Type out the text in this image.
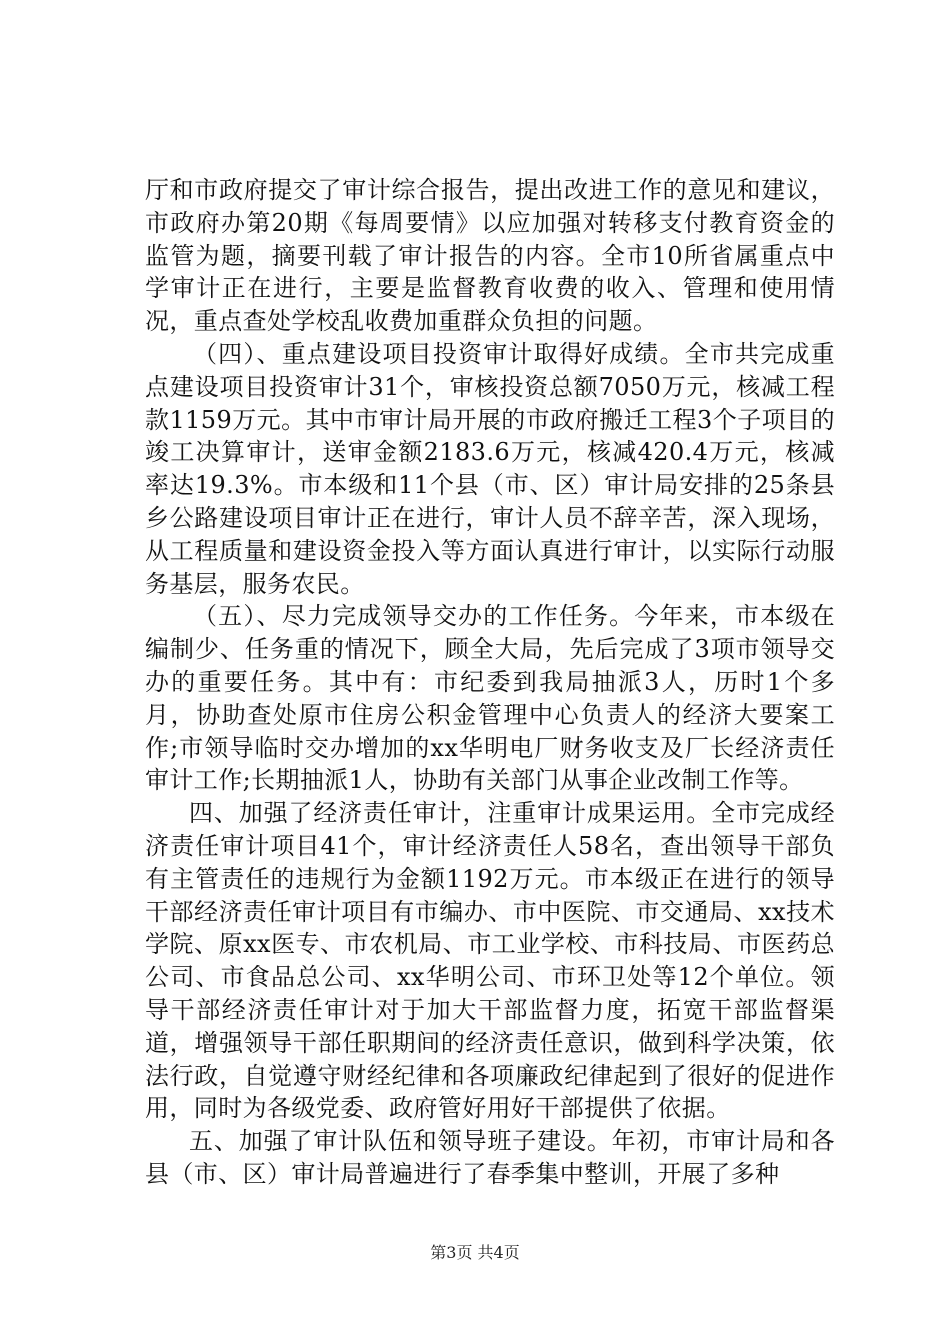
厅和市政府提交了审计综合报告，提出改进工作的意见和建议，市政府办第20期《每周要情》以应加强对转移支付教育资金的监管为题，摘要刊载了审计报告的内容。全市10所省属重点中学审计正在进行，主要是监督教育收费的收入、管理和使用情况，重点查处学校乱收费加重群众负担的问题。

（四）、重点建设项目投资审计取得好成绩。全市共完成重点建设项目投资审计31个，审核投资总额7050万元，核减工程款1159万元。其中市审计局开展的市政府搬迁工程3个子项目的竣工决算审计，送审金额2183.6万元，核减420.4万元，核减率达19.3%。市本级和11个县（市、区）审计局安排的25条县乡公路建设项目审计正在进行，审计人员不辞辛苦，深入现场，从工程质量和建设资金投入等方面认真进行审计，以实际行动服务基层，服务农民。

（五）、尽力完成领导交办的工作任务。今年来，市本级在编制少、任务重的情况下，顾全大局，先后完成了3项市领导交办的重要任务。其中有：市纪委到我局抽派3人，历时1个多月，协助查处原市住房公积金管理中心负责人的经济大要案工作;市领导临时交办增加的xx华明电厂财务收支及厂长经济责任审计工作;长期抽派1人，协助有关部门从事企业改制工作等。

四、加强了经济责任审计，注重审计成果运用。全市完成经济责任审计项目41个，审计经济责任人58名，查出领导干部负有主管责任的违规行为金额1192万元。市本级正在进行的领导干部经济责任审计项目有市编办、市中医院、市交通局、xx技术学院、原xx医专、市农机局、市工业学校、市科技局、市医药总公司、市食品总公司、xx华明公司、市环卫处等12个单位。领导干部经济责任审计对于加大干部监督力度，拓宽干部监督渠道，增强领导干部任职期间的经济责任意识，做到科学决策，依法行政，自觉遵守财经纪律和各项廉政纪律起到了很好的促进作用，同时为各级党委、政府管好用好干部提供了依据。

五、加强了审计队伍和领导班子建设。年初，市审计局和各县（市、区）审计局普遍进行了春季集中整训，开展了多种

第3页 共4页
